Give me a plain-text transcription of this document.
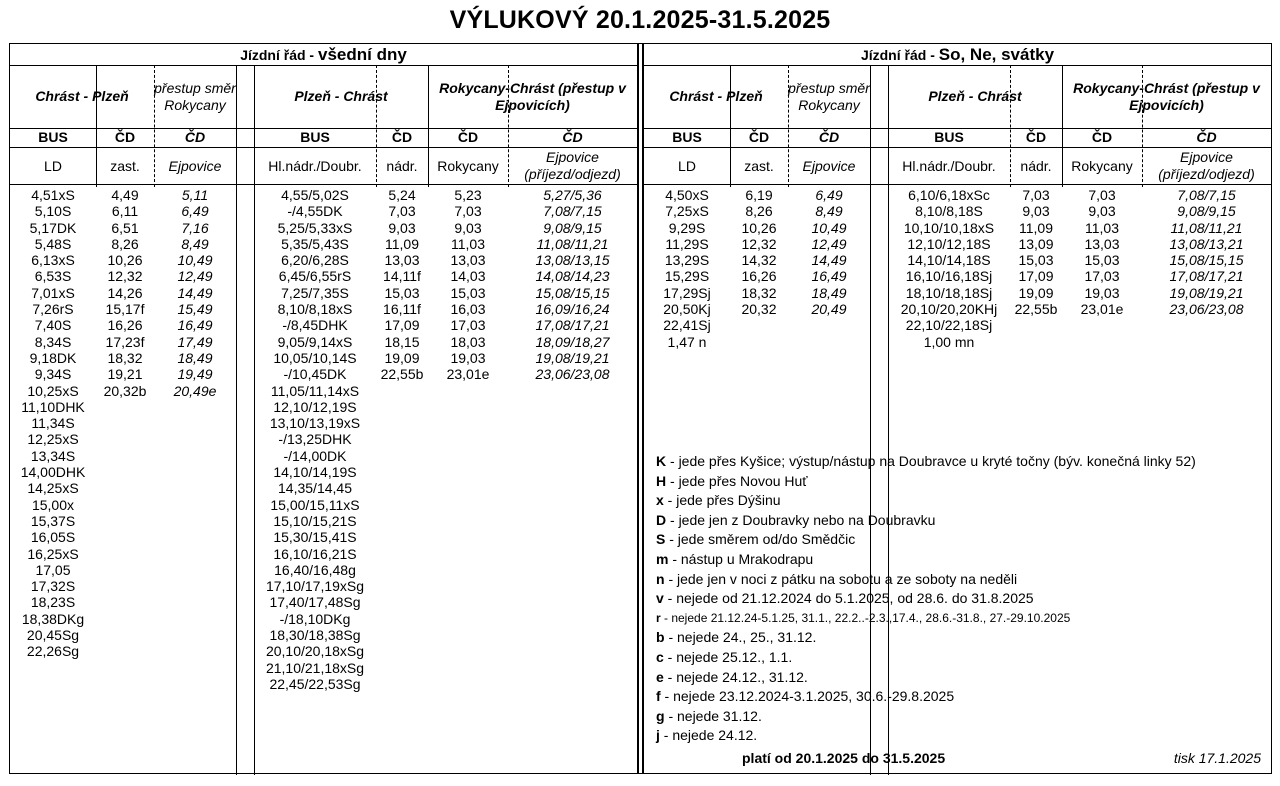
VÝLUKOVÝ 20.1.2025-31.5.2025
Jízdní řád - všední dny
Chrást - Plzeň
přestup směr Rokycany
Plzeň - Chrást
Rokycany-Chrást (přestup v Ejpovicích)
BUS
LD
4,51xS
5,10S
5,17DK
5,48S
6,13xS
6,53S
7,01xS
7,26rS
7,40S
8,34S
9,18DK
9,34S
10,25xS
11,10DHK
11,34S
12,25xS
13,34S
14,00DHK
14,25xS
15,00x
15,37S
16,05S
16,25xS
17,05
17,32S
18,23S
18,38DKg
20,45Sg
22,26Sg
ČD
zast.
4,49
6,11
6,51
8,26
10,26
12,32
14,26
15,17f
16,26
17,23f
18,32
19,21
20,32b
ČD
Ejpovice
5,11
6,49
7,16
8,49
10,49
12,49
14,49
15,49
16,49
17,49
18,49
19,49
20,49e
BUS
Hl.nádr./Doubr.
4,55/5,02S
-/4,55DK
5,25/5,33xS
5,35/5,43S
6,20/6,28S
6,45/6,55rS
7,25/7,35S
8,10/8,18xS
-/8,45DHK
9,05/9,14xS
10,05/10,14S
-/10,45DK
11,05/11,14xS
12,10/12,19S
13,10/13,19xS
-/13,25DHK
-/14,00DK
14,10/14,19S
14,35/14,45
15,00/15,11xS
15,10/15,21S
15,30/15,41S
16,10/16,21S
16,40/16,48g
17,10/17,19xSg
17,40/17,48Sg
-/18,10DKg
18,30/18,38Sg
20,10/20,18xSg
21,10/21,18xSg
22,45/22,53Sg
ČD
nádr.
5,24
7,03
9,03
11,09
13,03
14,11f
15,03
16,11f
17,09
18,15
19,09
22,55b
ČD
Rokycany
5,23
7,03
9,03
11,03
13,03
14,03
15,03
16,03
17,03
18,03
19,03
23,01e
ČD
Ejpovice (příjezd/odjezd)
5,27/5,36
7,08/7,15
9,08/9,15
11,08/11,21
13,08/13,15
14,08/14,23
15,08/15,15
16,09/16,24
17,08/17,21
18,09/18,27
19,08/19,21
23,06/23,08
Jízdní řád - So, Ne, svátky
Chrást - Plzeň
přestup směr Rokycany
Plzeň - Chrást
Rokycany-Chrást (přestup v Ejpovicích)
BUS
LD
4,50xS
7,25xS
9,29S
11,29S
13,29S
15,29S
17,29Sj
20,50Kj
22,41Sj
1,47 n
ČD
zast.
6,19
8,26
10,26
12,32
14,32
16,26
18,32
20,32
ČD
Ejpovice
6,49
8,49
10,49
12,49
14,49
16,49
18,49
20,49
BUS
Hl.nádr./Doubr.
6,10/6,18xSc
8,10/8,18S
10,10/10,18xS
12,10/12,18S
14,10/14,18S
16,10/16,18Sj
18,10/18,18Sj
20,10/20,20KHj
22,10/22,18Sj
1,00 mn
ČD
nádr.
7,03
9,03
11,09
13,09
15,03
17,09
19,09
22,55b
ČD
Rokycany
7,03
9,03
11,03
13,03
15,03
17,03
19,03
23,01e
ČD
Ejpovice (příjezd/odjezd)
7,08/7,15
9,08/9,15
11,08/11,21
13,08/13,21
15,08/15,15
17,08/17,21
19,08/19,21
23,06/23,08
K - jede přes Kyšice; výstup/nástup na Doubravce u kryté točny (býv. konečná linky 52)
H - jede přes Novou Huť
x - jede přes Dýšinu
D - jede jen z Doubravky nebo na Doubravku
S - jede směrem od/do Smědčic
m - nástup u Mrakodrapu
n - jede jen v noci z pátku na sobotu a ze soboty na neděli
v - nejede od 21.12.2024 do 5.1.2025, od 28.6. do 31.8.2025
r - nejede 21.12.24-5.1.25, 31.1., 22.2..-2.3.,17.4., 28.6.-31.8., 27.-29.10.2025
b - nejede 24., 25., 31.12.
c - nejede 25.12., 1.1.
e - nejede 24.12., 31.12.
f - nejede 23.12.2024-3.1.2025, 30.6.-29.8.2025
g - nejede 31.12.
j - nejede 24.12.
platí od 20.1.2025 do 31.5.2025	tisk 17.1.2025
